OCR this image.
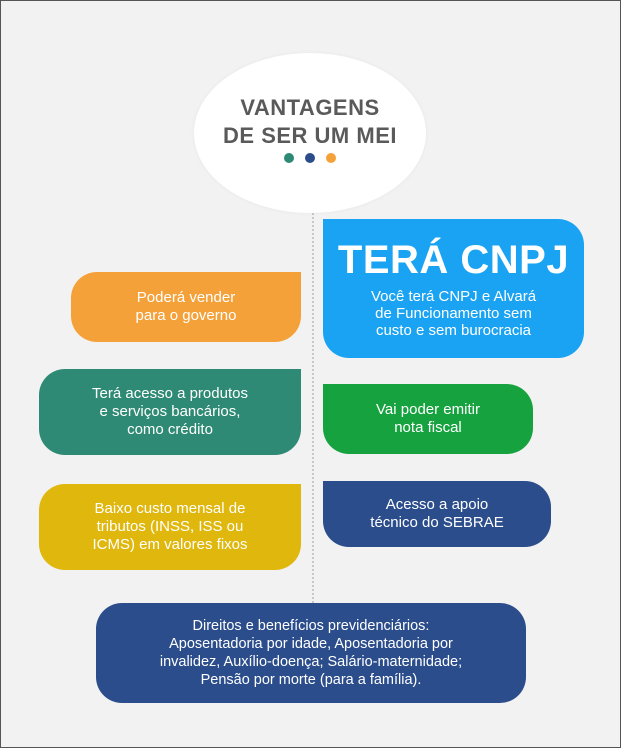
VANTAGENS
DE SER UM MEI
Poderá vender
para o governo
Terá acesso a produtos
e serviços bancários,
como crédito
Baixo custo mensal de
tributos (INSS, ISS ou
ICMS) em valores fixos
TERÁ CNPJ
Você terá CNPJ e Alvará
de Funcionamento sem
custo e sem burocracia
Vai poder emitir
nota fiscal
Acesso a apoio
técnico do SEBRAE
Direitos e benefícios previdenciários:
Aposentadoria por idade, Aposentadoria por
invalidez, Auxílio-doença; Salário-maternidade;
Pensão por morte (para a família).
